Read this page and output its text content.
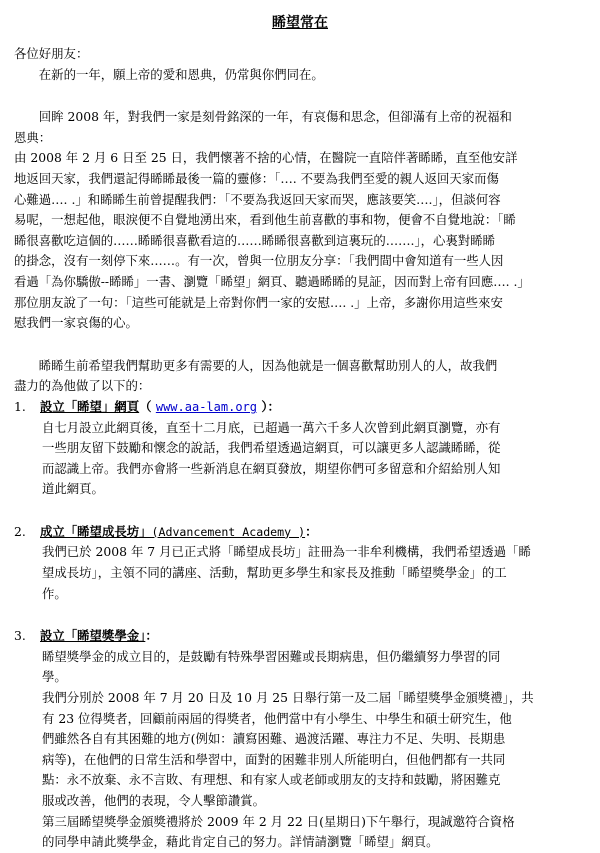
睎望常在

各位好朋友：

在新的一年，願上帝的愛和恩典，仍常與你們同在。

回眸 2008 年，對我們一家是刻骨銘深的一年，有哀傷和思念，但卻滿有上帝的祝福和

恩典：

由 2008 年 2 月 6 日至 25 日，我們懷著不捨的心情，在醫院一直陪伴著睎睎，直至他安詳

地返回天家，我們還記得睎睎最後一篇的靈修：「…. 不要為我們至愛的親人返回天家而傷

心難過…. .」和睎睎生前曾提醒我們：「不要為我返回天家而哭，應該要笑….」，但談何容

易呢，一想起他，眼淚便不自覺地湧出來，看到他生前喜歡的事和物，便會不自覺地說：「睎

睎很喜歡吃這個的……睎睎很喜歡看這的……睎睎很喜歡到這裏玩的…….」，心裏對睎睎

的掛念，沒有一刻停下來……。有一次，曾與一位朋友分享：「我們間中會知道有一些人因

看過「為你驕傲--睎睎」一書、瀏覽「睎望」網頁、聽過睎睎的見証，因而對上帝有回應…. .」

那位朋友說了一句：「這些可能就是上帝對你們一家的安慰…. .」上帝，多謝你用這些來安

慰我們一家哀傷的心。

睎睎生前希望我們幫助更多有需要的人，因為他就是一個喜歡幫助別人的人，故我們

盡力的為他做了以下的：

1.	設立「睎望」網頁（ www.aa-lam.org ）：

自七月設立此網頁後，直至十二月底，已超過一萬六千多人次曾到此網頁瀏覽，亦有

一些朋友留下鼓勵和懷念的說話，我們希望透過這網頁，可以讓更多人認識睎睎，從

而認識上帝。我們亦會將一些新消息在網頁發放，期望你們可多留意和介紹給別人知

道此網頁。

2.	成立「睎望成長坊」(Advancement Academy )：

我們已於 2008 年 7 月已正式將「睎望成長坊」註冊為一非牟利機構，我們希望透過「睎

望成長坊」，主領不同的講座、活動，幫助更多學生和家長及推動「睎望獎學金」的工

作。

3.	設立「睎望獎學金」：

睎望獎學金的成立目的，是鼓勵有特殊學習困難或長期病患，但仍繼續努力學習的同

學。

我們分別於 2008 年 7 月 20 日及 10 月 25 日舉行第一及二屆「睎望獎學金頒獎禮」，共

有 23 位得獎者，回顧前兩屆的得獎者，他們當中有小學生、中學生和碩士研究生，他

們雖然各自有其困難的地方(例如：讀寫困難、過渡活躍、專注力不足、失明、長期患

病等)，在他們的日常生活和學習中，面對的困難非別人所能明白，但他們都有一共同

點：永不放棄、永不言敗、有理想、和有家人或老師或朋友的支持和鼓勵，將困難克

服或改善，他們的表現，令人擊節讚賞。

第三屆睎望獎學金頒獎禮將於 2009 年 2 月 22 日(星期日)下午舉行，現誠邀符合資格

的同學申請此獎學金，藉此肯定自己的努力。詳情請瀏覽「睎望」網頁。
